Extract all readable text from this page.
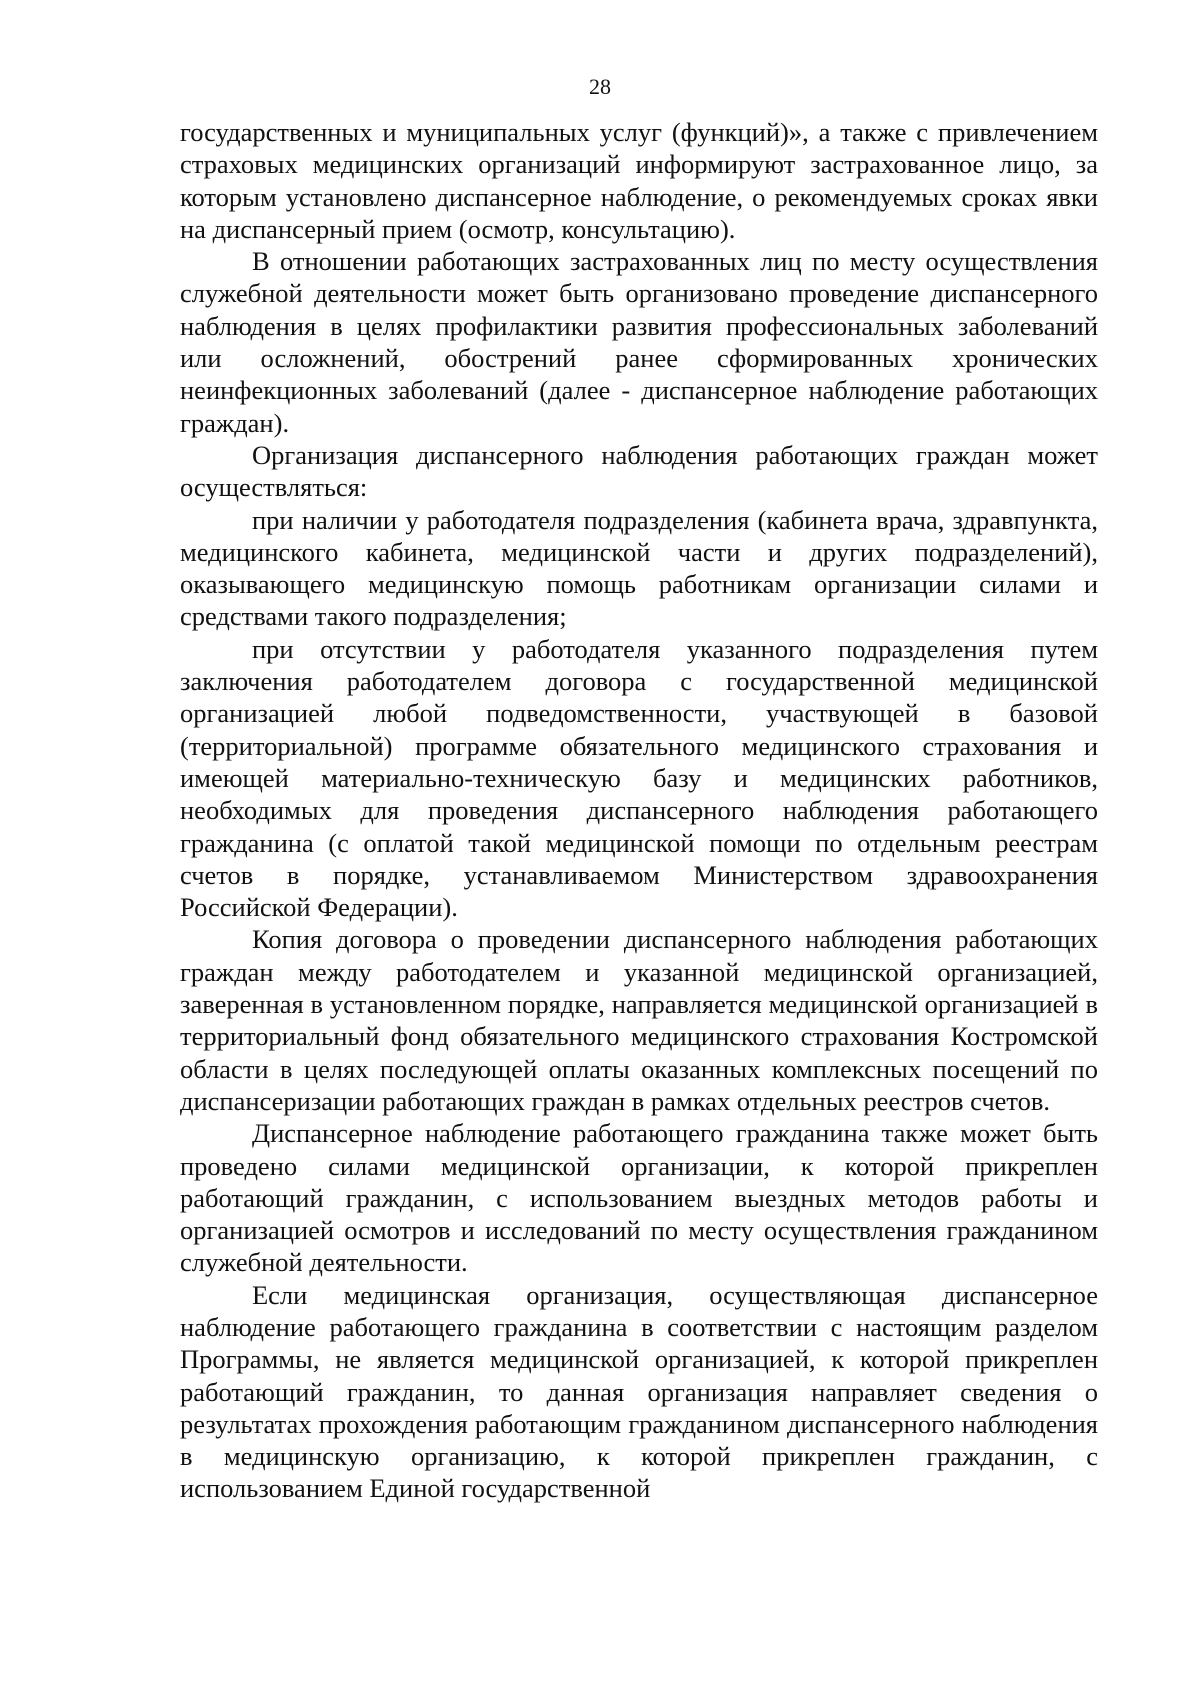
28

государственных и муниципальных услуг (функций)», а также с привлечением страховых медицинских организаций информируют застрахованное лицо, за которым установлено диспансерное наблюдение, о рекомендуемых сроках явки на диспансерный прием (осмотр, консультацию).

В отношении работающих застрахованных лиц по месту осуществления служебной деятельности может быть организовано проведение диспансерного наблюдения в целях профилактики развития профессиональных заболеваний или осложнений, обострений ранее сформированных хронических неинфекционных заболеваний (далее - диспансерное наблюдение работающих граждан).

Организация диспансерного наблюдения работающих граждан может осуществляться:

при наличии у работодателя подразделения (кабинета врача, здравпункта, медицинского кабинета, медицинской части и других подразделений), оказывающего медицинскую помощь работникам организации силами и средствами такого подразделения;

при отсутствии у работодателя указанного подразделения путем заключения работодателем договора с государственной медицинской организацией любой подведомственности, участвующей в базовой (территориальной) программе обязательного медицинского страхования и имеющей материально-техническую базу и медицинских работников, необходимых для проведения диспансерного наблюдения работающего гражданина (с оплатой такой медицинской помощи по отдельным реестрам счетов в порядке, устанавливаемом Министерством здравоохранения Российской Федерации).

Копия договора о проведении диспансерного наблюдения работающих граждан между работодателем и указанной медицинской организацией, заверенная в установленном порядке, направляется медицинской организацией в территориальный фонд обязательного медицинского страхования Костромской области в целях последующей оплаты оказанных комплексных посещений по диспансеризации работающих граждан в рамках отдельных реестров счетов.

Диспансерное наблюдение работающего гражданина также может быть проведено силами медицинской организации, к которой прикреплен работающий гражданин, с использованием выездных методов работы и организацией осмотров и исследований по месту осуществления гражданином служебной деятельности.

Если медицинская организация, осуществляющая диспансерное наблюдение работающего гражданина в соответствии с настоящим разделом Программы, не является медицинской организацией, к которой прикреплен работающий гражданин, то данная организация направляет сведения о результатах прохождения работающим гражданином диспансерного наблюдения в медицинскую организацию, к которой прикреплен гражданин, с использованием Единой государственной
